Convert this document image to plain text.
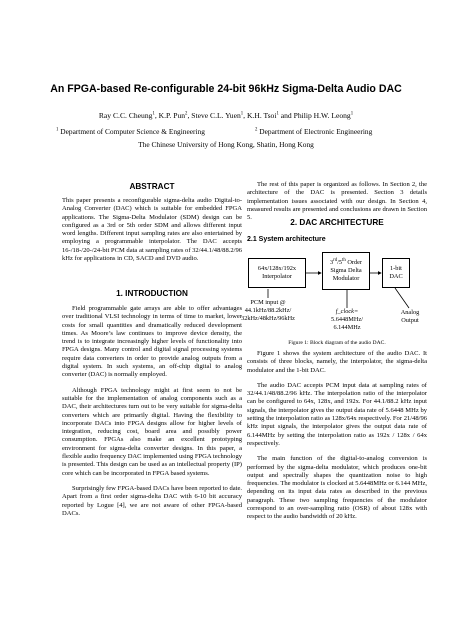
An FPGA-based Re-configurable 24-bit 96kHz Sigma-Delta Audio DAC
Ray C.C. Cheung$^1$, K.P. Pun$^2$, Steve C.L. Yuen$^1$, K.H. Tsoi$^1$ and Philip H.W. Leong$^1$
$^1$ Department of Computer Science & Engineering	$^2$ Department of Electronic Engineering
The Chinese University of Hong Kong, Shatin, Hong Kong
ABSTRACT

This paper presents a reconfigurable sigma-delta audio Digital-to-Analog Converter (DAC) which is suitable for embedded FPGA applications. The Sigma-Delta Modulator (SDM) design can be configured as a 3rd or 5th order SDM and allows different input word lengths. Different input sampling rates are also entertained by employing a programmable interpolator. The DAC accepts 16-/18-/20-/24-bit PCM data at sampling rates of 32/44.1/48/88.2/96 kHz for applications in CD, SACD and DVD audio.

1. INTRODUCTION

Field programmable gate arrays are able to offer advantages over traditional VLSI technology in terms of time to market, lower costs for small quantities and dramatically reduced development times. As Moore’s law continues to improve device density, the trend is to integrate increasingly higher levels of functionality into FPGA designs. Many control and digital signal processing systems require data converters in order to provide analog outputs from a digital system. In such systems, an off-chip digital to analog converter (DAC) is normally employed.

Although FPGA technology might at first seem to not be suitable for the implementation of analog components such as a DAC, their architectures turn out to be very suitable for sigma-delta converters which are primarily digital. Having the flexibility to incorporate DACs into FPGA designs allow for higher levels of integration, reducing cost, board area and possibly power consumption. FPGAs also make an excellent prototyping environment for sigma-delta converter designs. In this paper, a flexible audio frequency DAC implemented using FPGA technology is presented. This design can be used as an intellectual property (IP) core which can be incorporated in FPGA based systems.

Surprisingly few FPGA-based DACs have been reported to date. Apart from a first order sigma-delta DAC with 6-10 bit accuracy reported by Logue [4], we are not aware of other FPGA-based DACs.

The rest of this paper is organized as follows. In Section 2, the architecture of the DAC is presented. Section 3 details implementation issues associated with our design. In Section 4, measured results are presented and conclusions are drawn in Section 5.

2. DAC ARCHITECTURE
2.1 System architecture
64x/128x/192x
Interpolator
3rd/5th Order
Sigma Delta
Modulator
1-bit
DAC
PCM input @
44.1kHz/88.2kHz/
32kHz/48kHz/96kHz
f_clock=
5.6448MHz/
6.144MHz
Analog
Output
Figure 1: Block diagram of the audio DAC.

Figure 1 shows the system architecture of the audio DAC. It consists of three blocks, namely, the interpolator, the sigma-delta modulator and the 1-bit DAC.

The audio DAC accepts PCM input data at sampling rates of 32/44.1/48/88.2/96 kHz. The interpolation ratio of the interpolator can be configured to 64x, 128x, and 192x. For 44.1/88.2 kHz input signals, the interpolator gives the output data rate of 5.6448 MHz by setting the interpolation ratio as 128x/64x respectively. For 21/48/96 kHz input signals, the interpolator gives the output data rate of 6.144MHz by setting the interpolation ratio as 192x / 128x / 64x respectively.

The main function of the digital-to-analog conversion is performed by the sigma-delta modulator, which produces one-bit output and spectrally shapes the quantization noise to high frequencies. The modulator is clocked at 5.6448MHz or 6.144 MHz, depending on its input data rates as described in the previous paragraph. These two sampling frequencies of the modulator correspond to an over-sampling ratio (OSR) of about 128x with respect to the audio bandwidth of 20 kHz.
